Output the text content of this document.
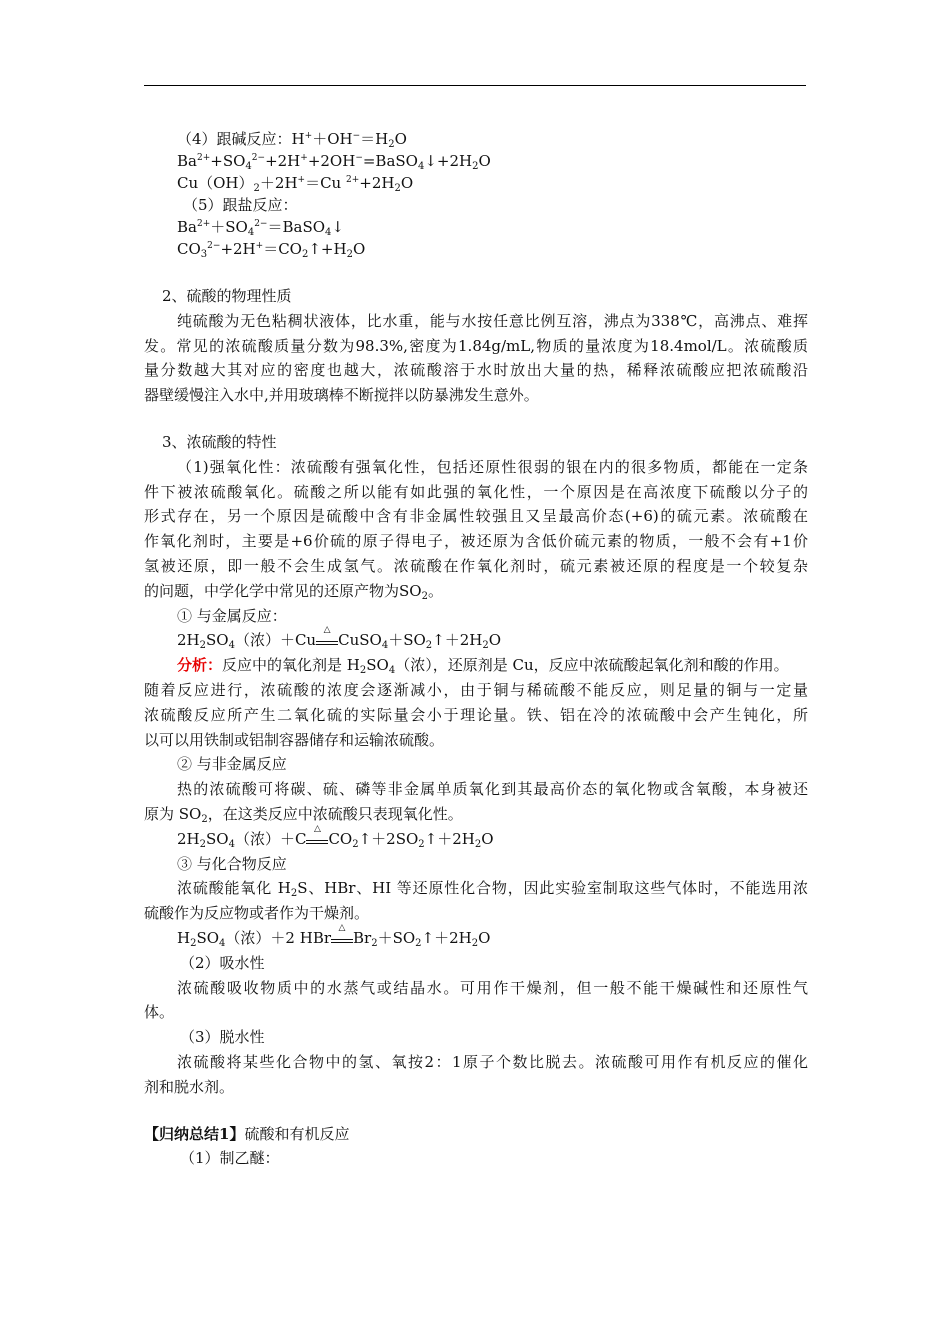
（4）跟碱反应：$H^++OH^-=H_2O$
$Ba^{2+}+SO_4^{2-}+2H^++2OH^-=BaSO_4↓+2H_2O$
$Cu(OH)_2+2H^+=Cu$ $^{2+}+2H_2O$
（5）跟盐反应：
$Ba^{2+}+SO_4^{2-}=BaSO_4↓$
$CO_3^{2-}+2H^+=CO_2↑+H_2O$
2、硫酸的物理性质
纯硫酸为无色粘稠状液体，比水重，能与水按任意比例互溶，沸点为338℃，高沸点、难挥
发。常见的浓硫酸质量分数为98.3%,密度为1.84g/mL,物质的量浓度为18.4mol/L。浓硫酸质
量分数越大其对应的密度也越大，浓硫酸溶于水时放出大量的热，稀释浓硫酸应把浓硫酸沿
器壁缓慢注入水中,并用玻璃棒不断搅拌以防暴沸发生意外。
3、浓硫酸的特性
（1)强氧化性：浓硫酸有强氧化性，包括还原性很弱的银在内的很多物质，都能在一定条
件下被浓硫酸氧化。硫酸之所以能有如此强的氧化性，一个原因是在高浓度下硫酸以分子的
形式存在，另一个原因是硫酸中含有非金属性较强且又呈最高价态(+6)的硫元素。浓硫酸在
作氧化剂时，主要是+6价硫的原子得电子，被还原为含低价硫元素的物质，一般不会有+1价
氢被还原，即一般不会生成氢气。浓硫酸在作氧化剂时，硫元素被还原的程度是一个较复杂
的问题，中学化学中常见的还原产物为$SO_2$。
① 与金属反应：
$2H_2SO_4$（浓）＋Cu
△
$CuSO_4+SO_2↑+2H_2O$
分析：反应中的氧化剂是 $H_2SO_4$（浓），还原剂是 Cu，反应中浓硫酸起氧化剂和酸的作用。
随着反应进行，浓硫酸的浓度会逐渐减小，由于铜与稀硫酸不能反应，则足量的铜与一定量
浓硫酸反应所产生二氧化硫的实际量会小于理论量。铁、铝在冷的浓硫酸中会产生钝化，所
以可以用铁制或铝制容器储存和运输浓硫酸。
② 与非金属反应
热的浓硫酸可将碳、硫、磷等非金属单质氧化到其最高价态的氧化物或含氧酸，本身被还
原为 $SO_2$，在这类反应中浓硫酸只表现氧化性。
$2H_2SO_4$（浓）＋C
△
$CO_2↑+2SO_2↑+2H_2O$
③ 与化合物反应
浓硫酸能氧化 $H_2S$、HBr、HI 等还原性化合物，因此实验室制取这些气体时，不能选用浓
硫酸作为反应物或者作为干燥剂。
$H_2SO_4$（浓）＋2 HBr
△
$Br_2+SO_2↑+2H_2O$
（2）吸水性
浓硫酸吸收物质中的水蒸气或结晶水。可用作干燥剂，但一般不能干燥碱性和还原性气
体。
（3）脱水性
浓硫酸将某些化合物中的氢、氧按2：1原子个数比脱去。浓硫酸可用作有机反应的催化
剂和脱水剂。
【归纳总结1】硫酸和有机反应
（1）制乙醚：
